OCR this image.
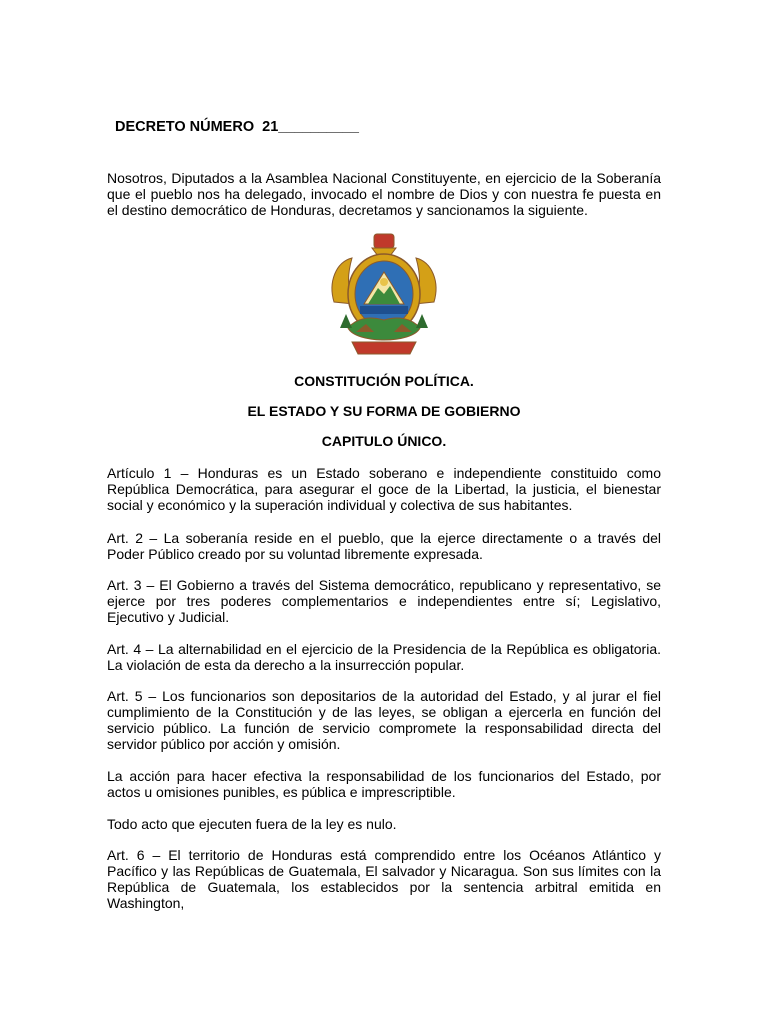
DECRETO NÚMERO  21__________
Nosotros, Diputados a la Asamblea Nacional Constituyente, en ejercicio de la Soberanía que el pueblo nos ha delegado, invocado el nombre de Dios y con nuestra fe puesta en el destino democrático de Honduras, decretamos y sancionamos la siguiente.
CONSTITUCIÓN POLÍTICA.
EL ESTADO Y SU FORMA DE GOBIERNO
CAPITULO ÚNICO.
Artículo 1 – Honduras es un Estado soberano e independiente constituido como República Democrática, para asegurar el goce de la Libertad, la justicia, el bienestar social y económico y la superación individual y colectiva de sus habitantes.
Art. 2 – La soberanía reside en el pueblo, que la ejerce directamente o a través del Poder Público creado por su voluntad libremente expresada.
Art. 3 – El Gobierno a través del Sistema democrático, republicano y representativo, se ejerce por tres poderes complementarios e independientes entre sí; Legislativo, Ejecutivo y Judicial.
Art. 4 – La alternabilidad en el ejercicio de la Presidencia de la República es obligatoria. La violación de esta da derecho a la insurrección popular.
Art. 5 – Los funcionarios son depositarios de la autoridad del Estado, y al jurar el fiel cumplimiento de la Constitución y de las leyes, se obligan a ejercerla en función del servicio público. La función de servicio compromete la responsabilidad directa del servidor público por acción y omisión.
La acción para hacer efectiva la responsabilidad de los funcionarios del Estado, por actos u omisiones punibles, es pública e imprescriptible.
Todo acto que ejecuten fuera de la ley es nulo.
Art. 6 – El territorio de Honduras está comprendido entre los Océanos Atlántico y Pacífico y las Repúblicas de Guatemala, El salvador y Nicaragua. Son sus límites con la República de Guatemala, los establecidos por la sentencia arbitral emitida en Washington,
